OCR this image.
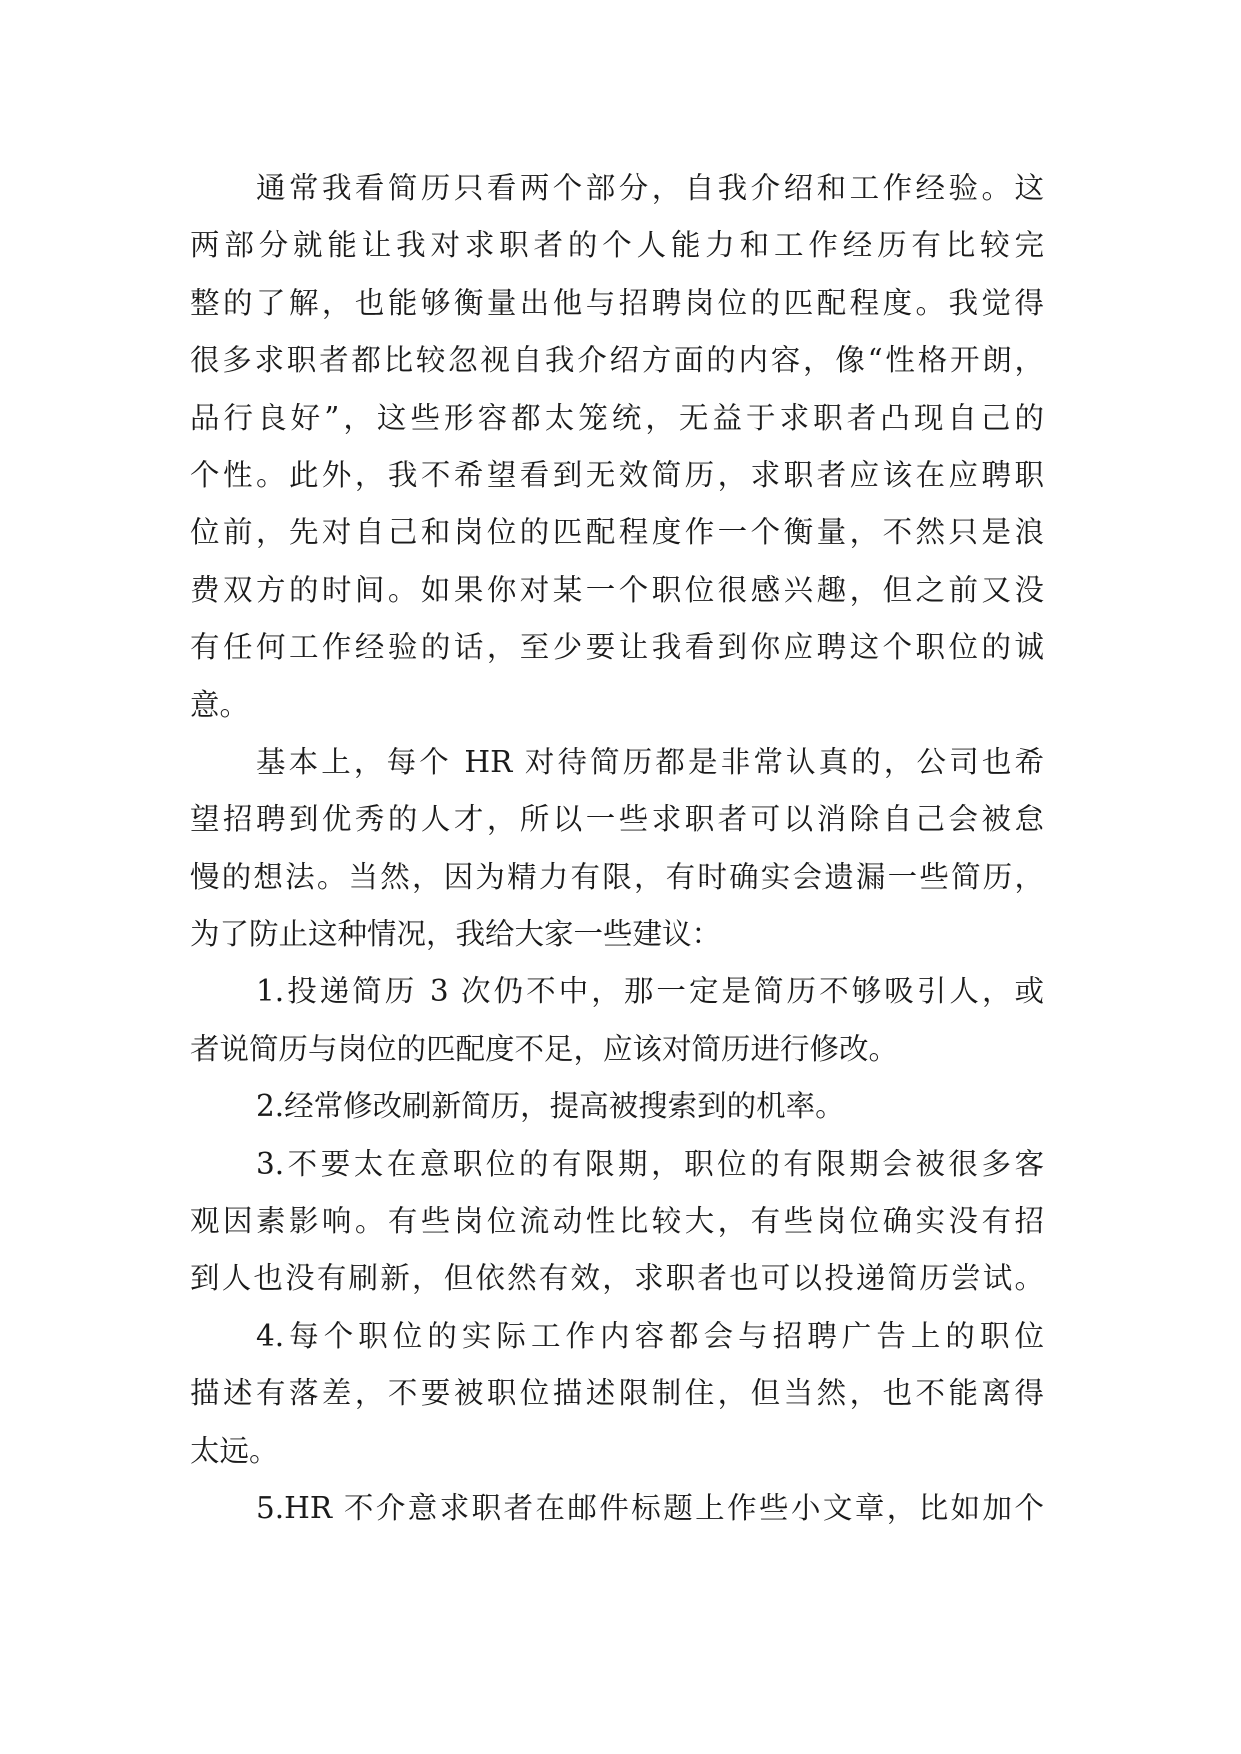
通常我看简历只看两个部分，自我介绍和工作经验。这
两部分就能让我对求职者的个人能力和工作经历有比较完
整的了解，也能够衡量出他与招聘岗位的匹配程度。我觉得
很多求职者都比较忽视自我介绍方面的内容，像“性格开朗，
品行良好”，这些形容都太笼统，无益于求职者凸现自己的
个性。此外，我不希望看到无效简历，求职者应该在应聘职
位前，先对自己和岗位的匹配程度作一个衡量，不然只是浪
费双方的时间。如果你对某一个职位很感兴趣，但之前又没
有任何工作经验的话，至少要让我看到你应聘这个职位的诚
意。
基本上，每个 HR 对待简历都是非常认真的，公司也希
望招聘到优秀的人才，所以一些求职者可以消除自己会被怠
慢的想法。当然，因为精力有限，有时确实会遗漏一些简历，
为了防止这种情况，我给大家一些建议：
1.投递简历 3 次仍不中，那一定是简历不够吸引人，或
者说简历与岗位的匹配度不足，应该对简历进行修改。
2.经常修改刷新简历，提高被搜索到的机率。
3.不要太在意职位的有限期，职位的有限期会被很多客
观因素影响。有些岗位流动性比较大，有些岗位确实没有招
到人也没有刷新，但依然有效，求职者也可以投递简历尝试。
4.每个职位的实际工作内容都会与招聘广告上的职位
描述有落差，不要被职位描述限制住，但当然，也不能离得
太远。
5.HR 不介意求职者在邮件标题上作些小文章，比如加个
